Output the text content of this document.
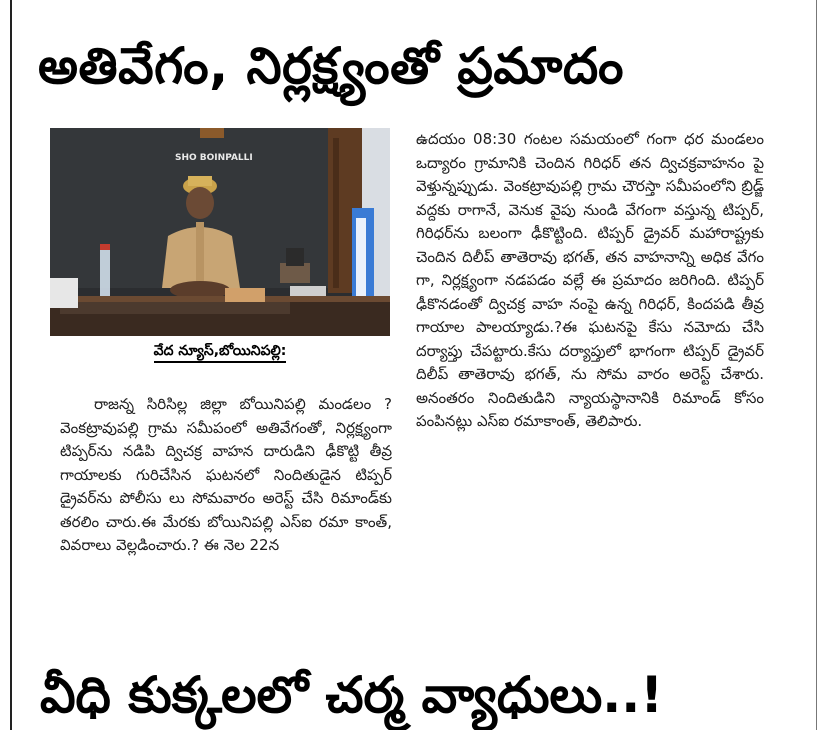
అతివేగం, నిర్లక్ష్యంతో ప్రమాదం
SHO BOINPALLI
వేద న్యూస్,బోయినిపల్లి:
రాజన్న సిరిసిల్ల జిల్లా బోయినిపల్లి మండలం ?వెంకట్రావుపల్లి గ్రామ సమీపంలో అతివేగంతో, నిర్లక్ష్యంగా టిప్పర్‌ను నడిపి ద్విచక్ర వాహన దారుడిని ఢీకొట్టి తీవ్ర గాయాలకు గురిచేసిన ఘటనలో నిందితుడైన టిప్పర్ డ్రైవర్‌ను పోలీసు లు సోమవారం అరెస్ట్ చేసి రిమాండ్‌కు తరలిం చారు.ఈ మేరకు బోయినిపల్లి ఎస్ఐ రమా కాంత్, వివరాలు వెల్లడించారు.? ఈ నెల 22న
ఉదయం 08:30 గంటల సమయంలో గంగా ధర మండలం ఒద్యారం గ్రామానికి చెందిన గిరిధర్ తన ద్విచక్రవాహనం పై వెళ్తున్నప్పుడు. వెంకట్రావుపల్లి గ్రామ చౌరస్తా సమీపంలోని బ్రిడ్జ్ వద్దకు రాగానే, వెనుక వైపు నుండి వేగంగా వస్తున్న టిప్పర్, గిరిధర్‌ను బలంగా ఢీకొట్టింది. టిప్పర్ డ్రైవర్ మహారాష్ట్రకు చెందిన దిలీప్ తాతెరావు భగత్, తన వాహనాన్ని అధిక వేగం గా, నిర్లక్ష్యంగా నడపడం వల్లే ఈ ప్రమాదం జరిగింది. టిప్పర్ ఢీకొనడంతో ద్విచక్ర వాహ నంపై ఉన్న గిరిధర్, కిందపడి తీవ్ర గాయాల పాలయ్యాడు.?ఈ ఘటనపై కేసు నమోదు చేసి దర్యాప్తు చేపట్టారు.కేసు దర్యాప్తులో భాగంగా టిప్పర్ డ్రైవర్ దిలీప్ తాతెరావు భగత్, ను సోమ వారం అరెస్ట్ చేశారు. అనంతరం నిందితుడిని న్యాయస్థానానికి రిమాండ్ కోసం పంపినట్లు ఎస్ఐ రమాకాంత్, తెలిపారు.
వీధి కుక్కలలో చర్మ వ్యాధులు..!
